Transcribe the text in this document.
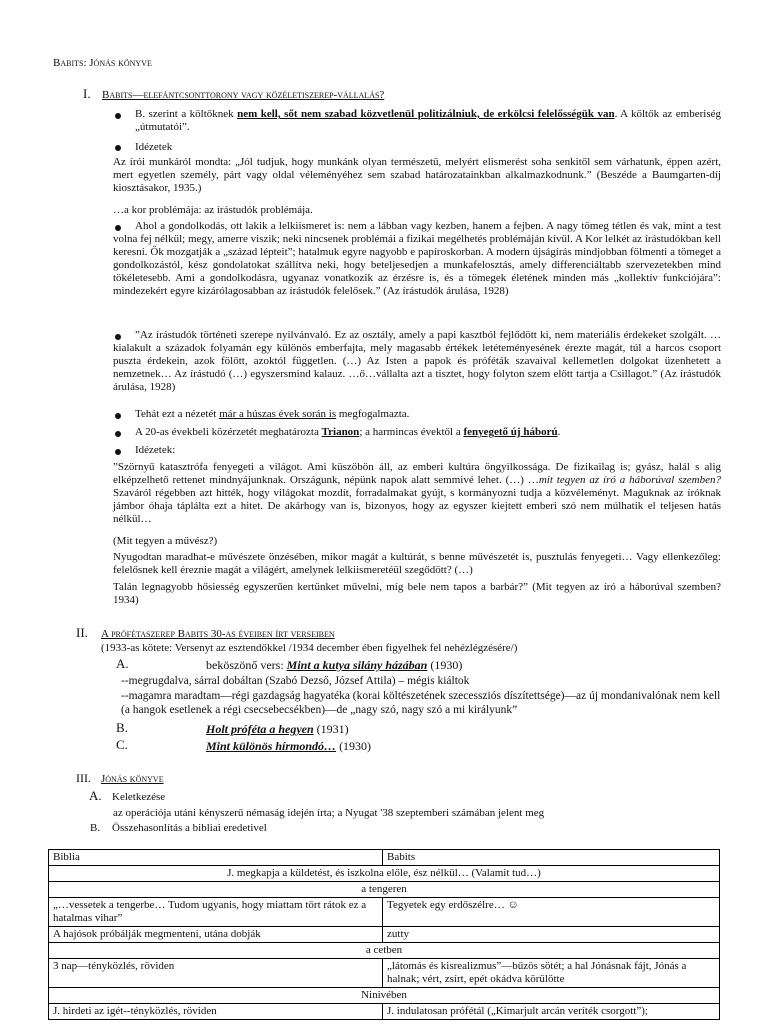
Babits: Jónás könyve
I. Babits—elefántcsonttorony vagy közéletiszerep-vállalás?
B. szerint a költőknek nem kell, sőt nem szabad közvetlenül politizálniuk, de erkölcsi felelősségük van. A költők az emberiség „útmutatói”.
Idézetek
Az írói munkáról mondta: „Jól tudjuk, hogy munkánk olyan természetű, melyért elismerést soha senkitől sem várhatunk, éppen azért, mert egyetlen személy, párt vagy oldal véleményéhez sem szabad határozatainkban alkalmazkodnunk.” (Beszéde a Baumgarten-díj kiosztásakor, 1935.)
…a kor problémája: az írástudók problémája.
Ahol a gondolkodás, ott lakik a lelkiismeret is: nem a lábban vagy kezben, hanem a fejben. A nagy tömeg tétlen és vak, mint a test volna fej nélkül; megy, amerre viszik; neki nincsenek problémái a fizikai megélhetés problémáján kívül. A Kor lelkét az írástudókban kell keresni. Ők mozgatják a „század lépteit”; hatalmuk egyre nagyobb e papíroskorban. A modern újságírás mindjobban fölmenti a tömeget a gondolkozástól, kész gondolatokat szállítva neki, hogy beteljesedjen a munkafelosztás, amely differenciáltabb szervezetekben mind tökéletesebb. Ami a gondolkodásra, ugyanaz vonatkozik az érzésre is, és a tömegek életének minden más „kollektív funkciójára”: mindezekért egyre kizárólagosabban az írástudók felelősek.” (Az írástudók árulása, 1928)
”Az írástudók történeti szerepe nyilvánvaló. Ez az osztály, amely a papi kasztból fejlődött ki, nem materiális érdekeket szolgált. …kialakult a századok folyamán egy különös emberfajta, mely magasabb értékek letéteményesének érezte magát, túl a harcos csoport puszta érdekein, azok fölött, azoktól független. (…) Az Isten a papok és próféták szavaival kellemetlen dolgokat üzenhetett a nemzetnek… Az írástudó (…) egyszersmind kalauz. …ő…vállalta azt a tisztet, hogy folyton szem előtt tartja a Csillagot.” (Az írástudók árulása, 1928)
Tehát ezt a nézetét már a húszas évek során is megfogalmazta.
A 20-as évekbeli közérzetét meghatározta Trianon; a harmincas évektől a fenyegető új háború.
Idézetek:
”Szörnyű katasztrófa fenyegeti a világot. Ami küszöbön áll, az emberi kultúra öngyilkossága. De fizikailag is; gyász, halál s alig elképzelhető rettenet mindnyájunknak. Országunk, népünk napok alatt semmivé lehet. (…) …mit tegyen az író a háborúval szemben? Szaváról régebben azt hitték, hogy világokat mozdít, forradalmakat gyújt, s kormányozni tudja a közvéleményt. Maguknak az íróknak jámbor óhaja táplálta ezt a hitet. De akárhogy van is, bizonyos, hogy az egyszer kiejtett emberi szó nem múlhatik el teljesen hatás nélkül…
(Mit tegyen a művész?)
Nyugodtan maradhat-e művészete önzésében, mikor magát a kultúrát, s benne művészetét is, pusztulás fenyegeti… Vagy ellenkezőleg: felelősnek kell éreznie magát a világért, amelynek lelkiismeretéül szegődött? (…)
Talán legnagyobb hősiesség egyszerűen kertünket művelni, míg bele nem tapos a barbár?” (Mit tegyen az író a háborúval szemben? 1934)
II. A prófétaszerep Babits 30-as éveiben írt verseiben
(1933-as kötete: Versenyt az esztendőkkel /1934 december ében figyelhek fel nehézlégzésére/)
A.	beköszönő vers: Mint a kutya silány házában (1930)
--megrugdalva, sárral dobáltan (Szabó Dezső, József Attila) – mégis kiáltok
--magamra maradtam—régi gazdagság hagyatéka (korai költészetének szecessziós díszítettsége)—az új mondanivalónak nem kell (a hangok esetlenek a régi csecsebecsékben)—de „nagy szó, nagy szó a mi királyunk”
B.	Holt próféta a hegyen (1931)
C.	Mint különös hírmondó… (1930)
III. Jónás könyve
A. Keletkezése
az operációja utáni kényszerű némaság idején írta; a Nyugat '38 szeptemberi számában jelent meg
B. Összehasonlítás a bibliai eredetivel
Biblia	Babits
J. megkapja a küldetést, és iszkolna előle, ész nélkül… (Valamit tud…)	
a tengeren	
„…vessetek a tengerbe… Tudom ugyanis, hogy miattam tört rátok ez a hatalmas vihar”	Tegyetek egy erdőszélre… ☺
A hajósok próbálják megmenteni, utána dobják	zutty
a cetben	
3 nap—tényközlés, röviden	„látomás és kisrealizmus”—bűzös sötét; a hal Jónásnak fájt, Jónás a halnak; vért, zsírt, epét okádva körülötte
Ninivében	
J. hirdeti az igét--tényközlés, röviden	J. indulatosan prófétál („Kimarjult arcán veríték csorgott”);
